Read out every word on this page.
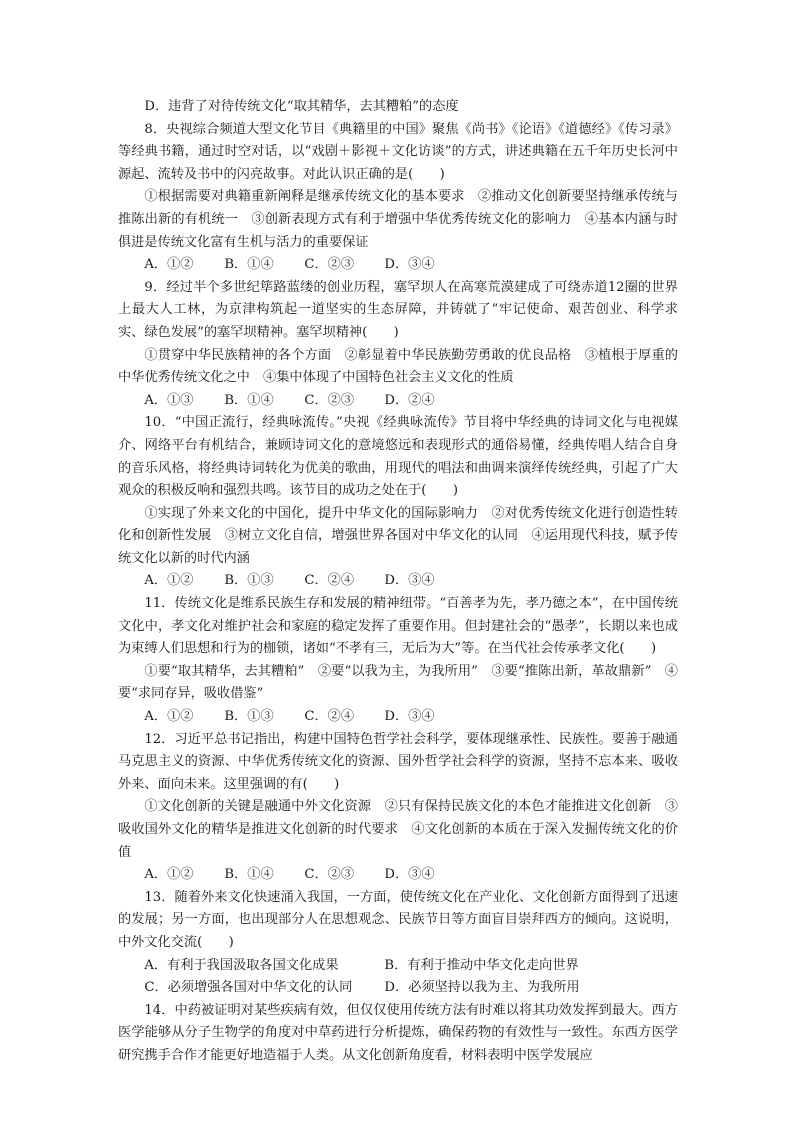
D．违背了对待传统文化“取其精华，去其糟粕”的态度

8．央视综合频道大型文化节目《典籍里的中国》聚焦《尚书》《论语》《道德经》《传习录》等经典书籍，通过时空对话，以“戏剧＋影视＋文化访谈”的方式，讲述典籍在五千年历史长河中源起、流转及书中的闪亮故事。对此认识正确的是(　　)

①根据需要对典籍重新阐释是继承传统文化的基本要求　②推动文化创新要坚持继承传统与推陈出新的有机统一　③创新表现方式有利于增强中华优秀传统文化的影响力　④基本内涵与时俱进是传统文化富有生机与活力的重要保证

A．①② B．①④ C．②③ D．③④

9．经过半个多世纪筚路蓝缕的创业历程，塞罕坝人在高寒荒漠建成了可绕赤道12圈的世界上最大人工林，为京津构筑起一道坚实的生态屏障，并铸就了“牢记使命、艰苦创业、科学求实、绿色发展”的塞罕坝精神。塞罕坝精神(　　)

①贯穿中华民族精神的各个方面　②彰显着中华民族勤劳勇敢的优良品格　③植根于厚重的中华优秀传统文化之中　④集中体现了中国特色社会主义文化的性质

A．①③ B．①④ C．②③ D．②④

10．“中国正流行，经典咏流传。”央视《经典咏流传》节目将中华经典的诗词文化与电视媒介、网络平台有机结合，兼顾诗词文化的意境悠远和表现形式的通俗易懂，经典传唱人结合自身的音乐风格，将经典诗词转化为优美的歌曲，用现代的唱法和曲调来演绎传统经典，引起了广大观众的积极反响和强烈共鸣。该节目的成功之处在于(　　)

①实现了外来文化的中国化，提升中华文化的国际影响力　②对优秀传统文化进行创造性转化和创新性发展　③树立文化自信，增强世界各国对中华文化的认同　④运用现代科技，赋予传统文化以新的时代内涵

A．①② B．①③ C．②④ D．③④

11．传统文化是维系民族生存和发展的精神纽带。“百善孝为先，孝乃德之本”，在中国传统文化中，孝文化对维护社会和家庭的稳定发挥了重要作用。但封建社会的“愚孝”，长期以来也成为束缚人们思想和行为的枷锁，诸如“不孝有三，无后为大”等。在当代社会传承孝文化(　　)

①要“取其精华，去其糟粕”　②要“以我为主，为我所用”　③要“推陈出新，革故鼎新”　④要“求同存异，吸收借鉴”

A．①② B．①③ C．②④ D．③④

12．习近平总书记指出，构建中国特色哲学社会科学，要体现继承性、民族性。要善于融通马克思主义的资源、中华优秀传统文化的资源、国外哲学社会科学的资源，坚持不忘本来、吸收外来、面向未来。这里强调的有(　　)

①文化创新的关键是融通中外文化资源　②只有保持民族文化的本色才能推进文化创新　③吸收国外文化的精华是推进文化创新的时代要求　④文化创新的本质在于深入发掘传统文化的价值

A．①② B．①④ C．②③ D．③④

13．随着外来文化快速涌入我国，一方面，使传统文化在产业化、文化创新方面得到了迅速的发展；另一方面，也出现部分人在思想观念、民族节日等方面盲目崇拜西方的倾向。这说明，中外文化交流(　　)

A．有利于我国汲取各国文化成果	B．有利于推动中华文化走向世界

C．必须增强各国对中华文化的认同 D．必须坚持以我为主、为我所用

14．中药被证明对某些疾病有效，但仅仅使用传统方法有时难以将其功效发挥到最大。西方医学能够从分子生物学的角度对中草药进行分析提炼，确保药物的有效性与一致性。东西方医学研究携手合作才能更好地造福于人类。从文化创新角度看，材料表明中医学发展应
